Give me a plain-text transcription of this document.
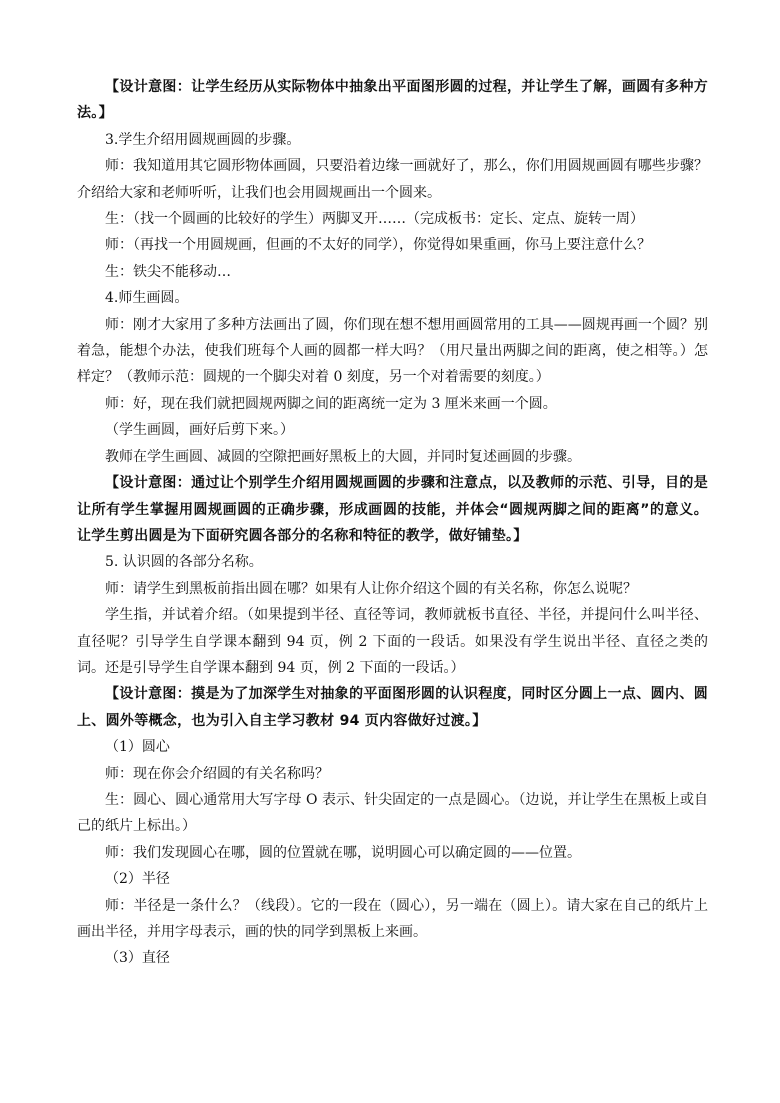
【设计意图：让学生经历从实际物体中抽象出平面图形圆的过程，并让学生了解，画圆有多种方法。】

3.学生介绍用圆规画圆的步骤。

师：我知道用其它圆形物体画圆，只要沿着边缘一画就好了，那么，你们用圆规画圆有哪些步骤？介绍给大家和老师听听，让我们也会用圆规画出一个圆来。

生：（找一个圆画的比较好的学生）两脚叉开……（完成板书：定长、定点、旋转一周）

师：（再找一个用圆规画，但画的不太好的同学），你觉得如果重画，你马上要注意什么？

生：铁尖不能移动…

4.师生画圆。

师：刚才大家用了多种方法画出了圆，你们现在想不想用画圆常用的工具——圆规再画一个圆？别着急，能想个办法，使我们班每个人画的圆都一样大吗？（用尺量出两脚之间的距离，使之相等。）怎样定？（教师示范：圆规的一个脚尖对着 0 刻度，另一个对着需要的刻度。）

师：好，现在我们就把圆规两脚之间的距离统一定为 3 厘米来画一个圆。

（学生画圆，画好后剪下来。）

教师在学生画圆、减圆的空隙把画好黑板上的大圆，并同时复述画圆的步骤。

【设计意图：通过让个别学生介绍用圆规画圆的步骤和注意点，以及教师的示范、引导，目的是让所有学生掌握用圆规画圆的正确步骤，形成画圆的技能，并体会“圆规两脚之间的距离”的意义。让学生剪出圆是为下面研究圆各部分的名称和特征的教学，做好铺垫。】

5. 认识圆的各部分名称。

师：请学生到黑板前指出圆在哪？如果有人让你介绍这个圆的有关名称，你怎么说呢？

学生指，并试着介绍。（如果提到半径、直径等词，教师就板书直径、半径，并提问什么叫半径、直径呢？引导学生自学课本翻到 94 页，例 2 下面的一段话。如果没有学生说出半径、直径之类的词。还是引导学生自学课本翻到 94 页，例 2 下面的一段话。）

【设计意图：摸是为了加深学生对抽象的平面图形圆的认识程度，同时区分圆上一点、圆内、圆上、圆外等概念，也为引入自主学习教材 94 页内容做好过渡。】

（1）圆心

师：现在你会介绍圆的有关名称吗？

生：圆心、圆心通常用大写字母 O 表示、针尖固定的一点是圆心。（边说，并让学生在黑板上或自己的纸片上标出。）

师：我们发现圆心在哪，圆的位置就在哪，说明圆心可以确定圆的——位置。

（2）半径

师：半径是一条什么？（线段）。它的一段在（圆心），另一端在（圆上）。请大家在自己的纸片上画出半径，并用字母表示，画的快的同学到黑板上来画。

（3）直径
